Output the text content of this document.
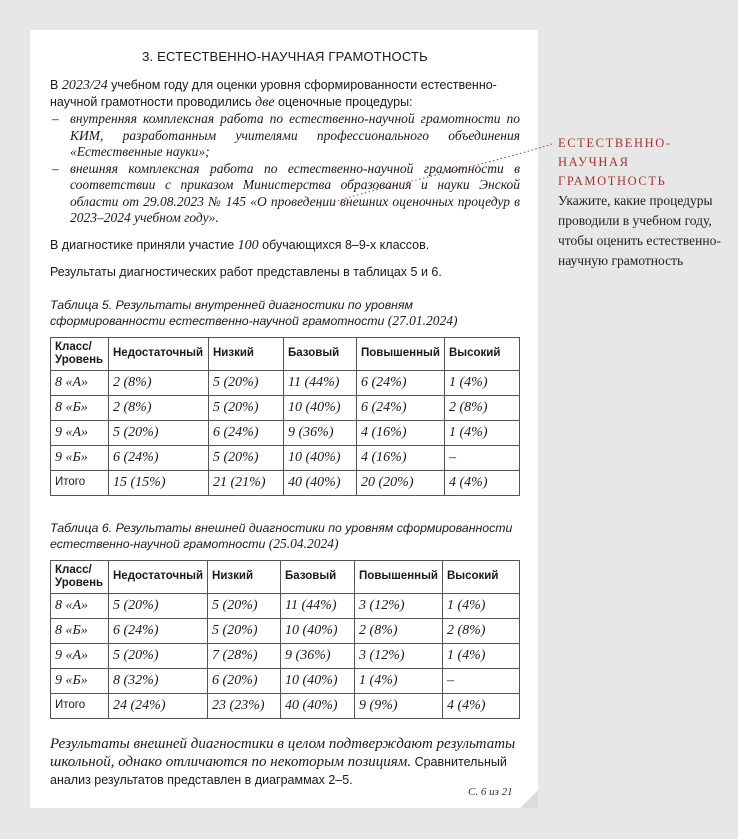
3. ЕСТЕСТВЕННО-НАУЧНАЯ ГРАМОТНОСТЬ

В 2023/24 учебном году для оценки уровня сформированности естественно-научной грамотности проводились две оценочные процедуры:

– внутренняя комплексная работа по естественно-научной грамотности по КИМ, разработанным учителями профессионального объединения «Естественные науки»;
– внешняя комплексная работа по естественно-научной грамотности в соответствии с приказом Министерства образования и науки Энской области от 29.08.2023 № 145 «О проведении внешних оценочных процедур в 2023–2024 учебном году».

В диагностике приняли участие 100 обучающихся 8–9-х классов.

Результаты диагностических работ представлены в таблицах 5 и 6.

Таблица 5. Результаты внутренней диагностики по уровням сформированности естественно-научной грамотности (27.01.2024)
Класс/ Уровень	Недостаточный	Низкий	Базовый	Повышенный	Высокий
8 «А»	2 (8%)	5 (20%)	11 (44%)	6 (24%)	1 (4%)
8 «Б»	2 (8%)	5 (20%)	10 (40%)	6 (24%)	2 (8%)
9 «А»	5 (20%)	6 (24%)	9 (36%)	4 (16%)	1 (4%)
9 «Б»	6 (24%)	5 (20%)	10 (40%)	4 (16%)	–
Итого	15 (15%)	21 (21%)	40 (40%)	20 (20%)	4 (4%)
Таблица 6. Результаты внешней диагностики по уровням сформированности естественно-научной грамотности (25.04.2024)
Класс/ Уровень	Недостаточный	Низкий	Базовый	Повышенный	Высокий
8 «А»	5 (20%)	5 (20%)	11 (44%)	3 (12%)	1 (4%)
8 «Б»	6 (24%)	5 (20%)	10 (40%)	2 (8%)	2 (8%)
9 «А»	5 (20%)	7 (28%)	9 (36%)	3 (12%)	1 (4%)
9 «Б»	8 (32%)	6 (20%)	10 (40%)	1 (4%)	–
Итого	24 (24%)	23 (23%)	40 (40%)	9 (9%)	4 (4%)

Результаты внешней диагностики в целом подтверждают результаты школьной, однако отличаются по некоторым позициям. Сравнительный анализ результатов представлен в диаграммах 2–5.

С. 6 из 21
ЕСТЕСТВЕННО-НАУЧНАЯ ГРАМОТНОСТЬ
Укажите, какие процедуры проводили в учебном году, чтобы оценить естественно-научную грамотность
